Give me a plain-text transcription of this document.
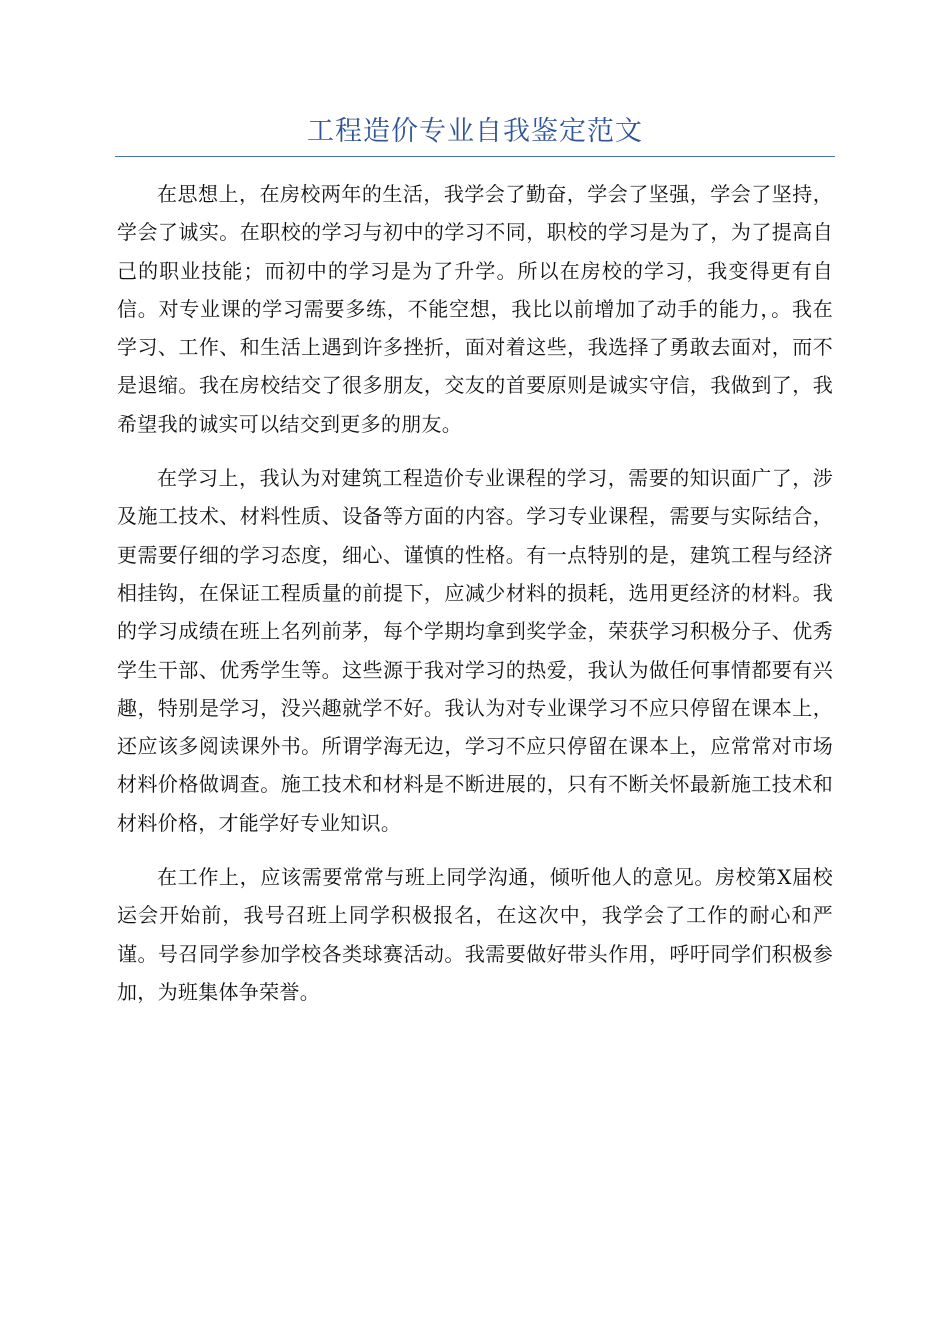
工程造价专业自我鉴定范文

在思想上，在房校两年的生活，我学会了勤奋，学会了坚强，学会了坚持，学会了诚实。在职校的学习与初中的学习不同，职校的学习是为了，为了提高自己的职业技能；而初中的学习是为了升学。所以在房校的学习，我变得更有自信。对专业课的学习需要多练，不能空想，我比以前增加了动手的能力，。我在学习、工作、和生活上遇到许多挫折，面对着这些，我选择了勇敢去面对，而不是退缩。我在房校结交了很多朋友，交友的首要原则是诚实守信，我做到了，我希望我的诚实可以结交到更多的朋友。

在学习上，我认为对建筑工程造价专业课程的学习，需要的知识面广了，涉及施工技术、材料性质、设备等方面的内容。学习专业课程，需要与实际结合，更需要仔细的学习态度，细心、谨慎的性格。有一点特别的是，建筑工程与经济相挂钩，在保证工程质量的前提下，应减少材料的损耗，选用更经济的材料。我的学习成绩在班上名列前茅，每个学期均拿到奖学金，荣获学习积极分子、优秀学生干部、优秀学生等。这些源于我对学习的热爱，我认为做任何事情都要有兴趣，特别是学习，没兴趣就学不好。我认为对专业课学习不应只停留在课本上，还应该多阅读课外书。所谓学海无边，学习不应只停留在课本上，应常常对市场材料价格做调查。施工技术和材料是不断进展的，只有不断关怀最新施工技术和材料价格，才能学好专业知识。

在工作上，应该需要常常与班上同学沟通，倾听他人的意见。房校第X届校运会开始前，我号召班上同学积极报名，在这次中，我学会了工作的耐心和严谨。号召同学参加学校各类球赛活动。我需要做好带头作用，呼吁同学们积极参加，为班集体争荣誉。
